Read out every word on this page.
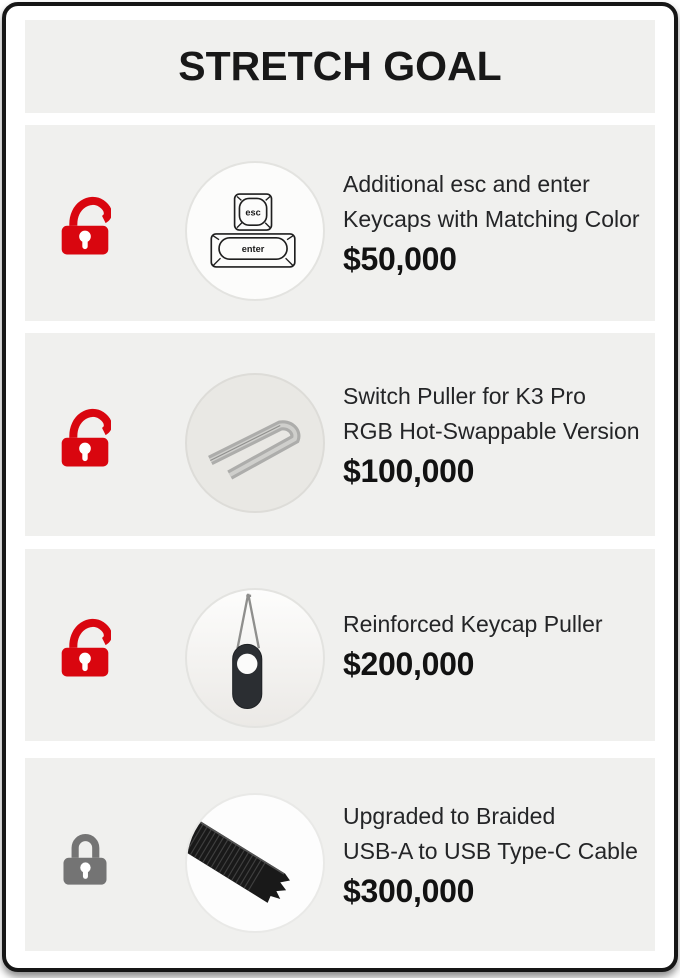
STRETCH GOAL
esc
enter
Additional esc and enter
Keycaps with Matching Color
$50,000
Switch Puller for K3 Pro
RGB Hot-Swappable Version
$100,000
Reinforced Keycap Puller
$200,000
Upgraded to Braided
USB-A to USB Type-C Cable
$300,000
